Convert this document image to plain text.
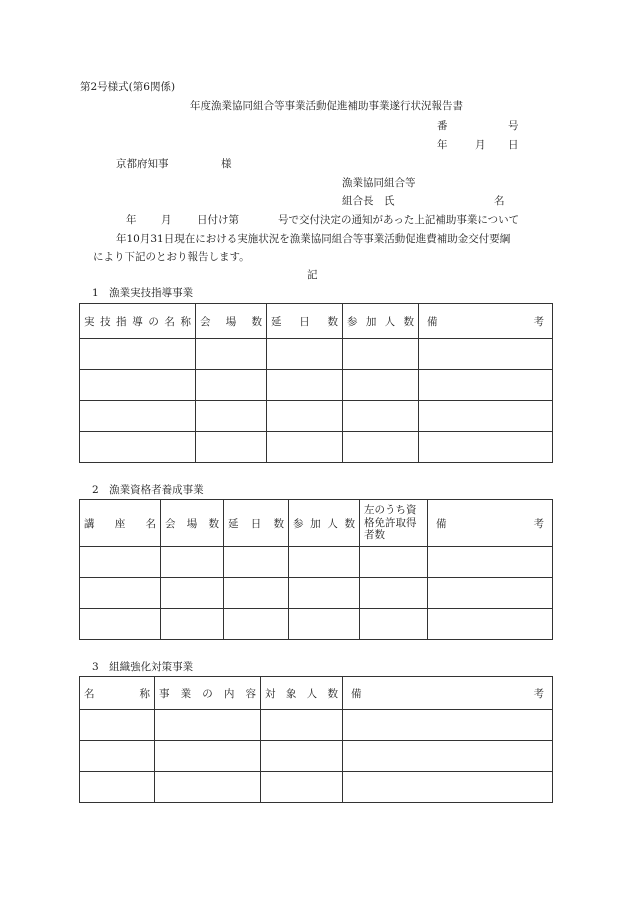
第2号様式(第6関係)
年度漁業協同組合等事業活動促進補助事業遂行状況報告書
番	号
年	月 日
京都府知事	様
漁業協同組合等
組合長　氏	名
年 月 日付け第	号で交付決定の通知があった上記補助事業について
年10月31日現在における実施状況を漁業協同組合等事業活動促進費補助金交付要綱
により下記のとおり報告します。
記
1　漁業実技指導事業
実技指導の名称	会　場　数	延　日　数	参加人数	備 考

2　漁業資格者養成事業
講　座　名	会　場　数	延　日　数	参加人数	左のうち資格免許取得者数	備 考

3　組織強化対策事業
名　　称	事業の内容	対象人数	備 考
